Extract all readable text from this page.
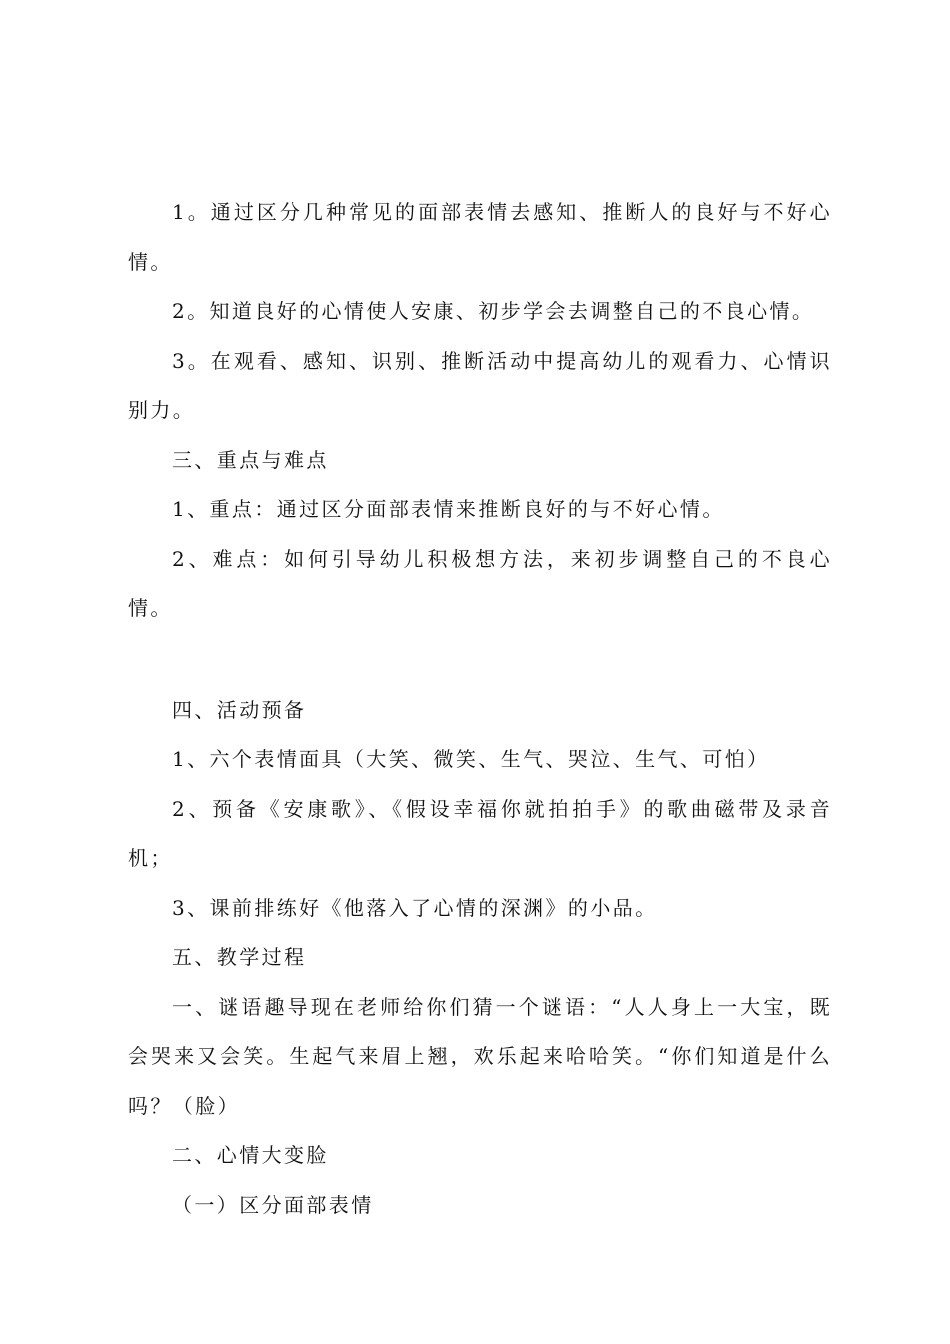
1。通过区分几种常见的面部表情去感知、推断人的良好与不好心情。

2。知道良好的心情使人安康、初步学会去调整自己的不良心情。

3。在观看、感知、识别、推断活动中提高幼儿的观看力、心情识别力。

三、重点与难点

1、重点：通过区分面部表情来推断良好的与不好心情。

2、难点：如何引导幼儿积极想方法，来初步调整自己的不良心情。

四、活动预备

1、六个表情面具（大笑、微笑、生气、哭泣、生气、可怕）

2、预备《安康歌》、《假设幸福你就拍拍手》的歌曲磁带及录音机；

3、课前排练好《他落入了心情的深渊》的小品。

五、教学过程

一、谜语趣导现在老师给你们猜一个谜语：“人人身上一大宝，既会哭来又会笑。生起气来眉上翘，欢乐起来哈哈笑。“你们知道是什么吗？（脸）

二、心情大变脸

（一）区分面部表情
